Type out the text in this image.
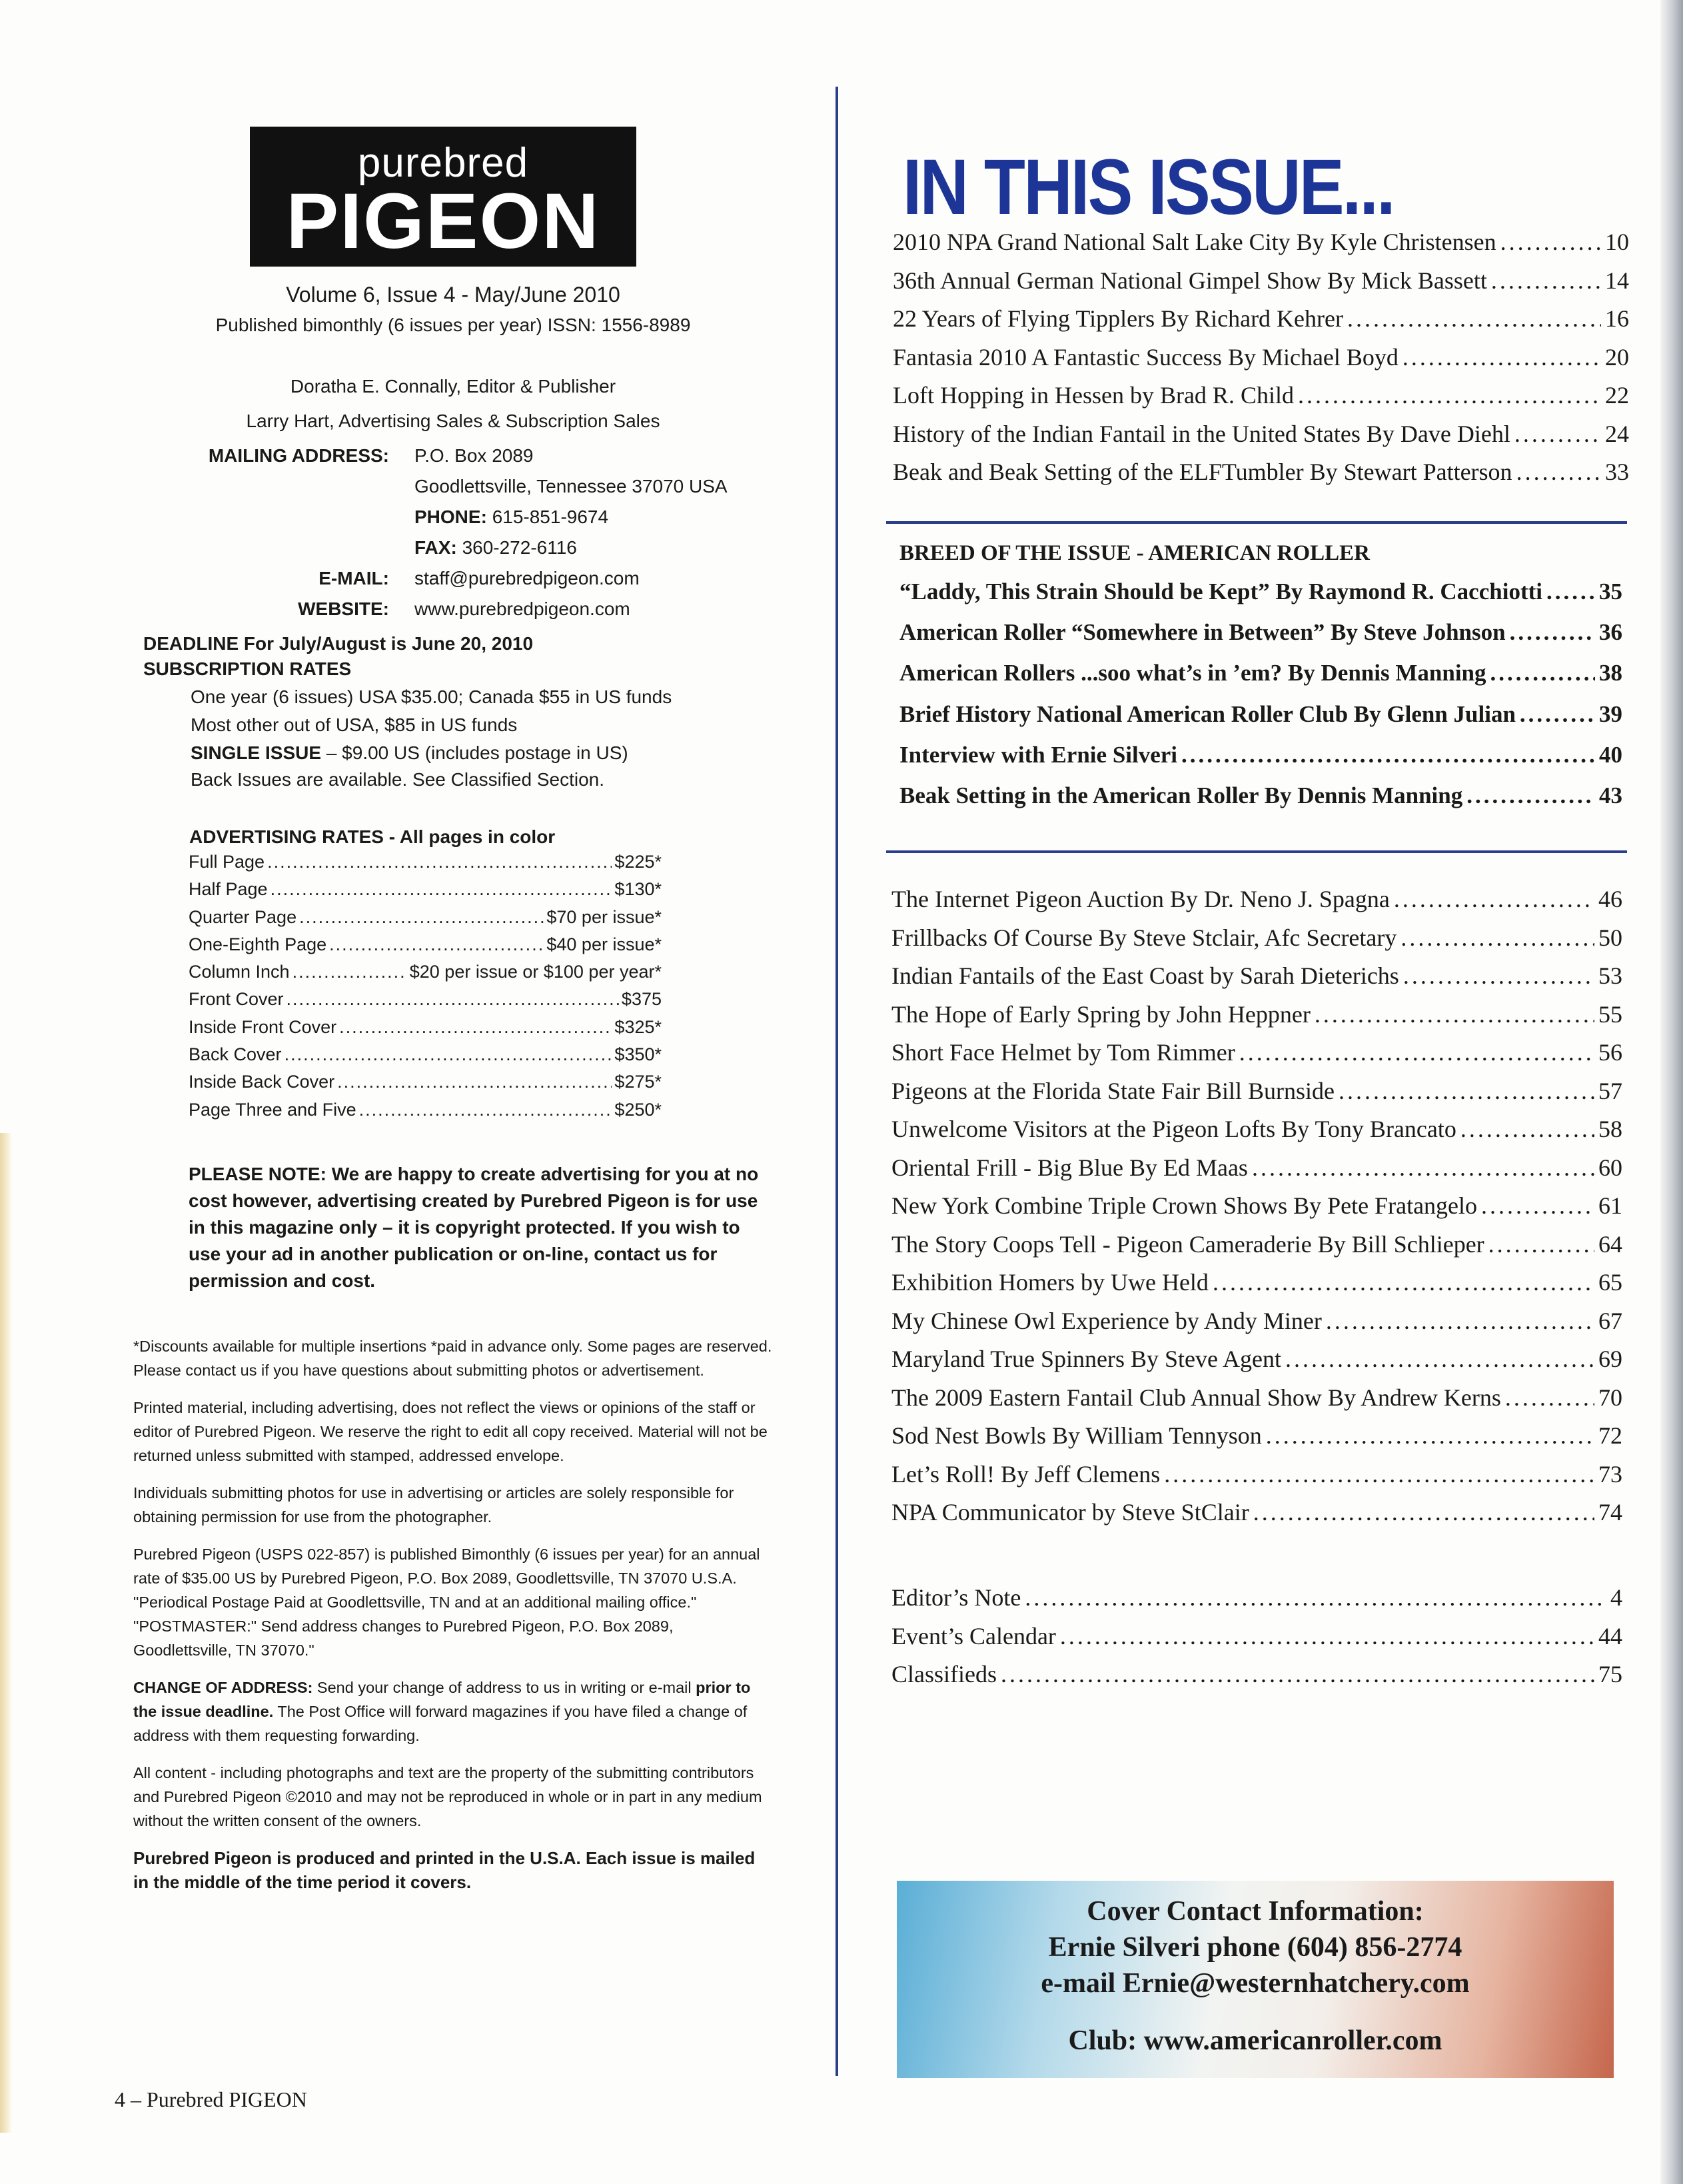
purebred
PIGEON
Volume 6, Issue 4 - May/June 2010
Published bimonthly (6 issues per year) ISSN: 1556-8989
Doratha E. Connally, Editor & Publisher
Larry Hart, Advertising Sales & Subscription Sales
MAILING ADDRESS: P.O. Box 2089
Goodlettsville, Tennessee 37070 USA
PHONE: 615-851-9674
FAX: 360-272-6116
E-MAIL: staff@purebredpigeon.com
WEBSITE: www.purebredpigeon.com
DEADLINE For July/August is June 20, 2010
SUBSCRIPTION RATES
One year (6 issues) USA $35.00; Canada $55 in US funds
Most other out of USA, $85 in US funds
SINGLE ISSUE – $9.00 US (includes postage in US)
Back Issues are available. See Classified Section.
ADVERTISING RATES - All pages in color
Full Page .....	$225*
Half Page .....	$130*
Quarter Page .....	$70 per issue*
One-Eighth Page .....	$40 per issue*
Column Inch .....	$20 per issue or $100 per year*
Front Cover .....	$375
Inside Front Cover .....	$325*
Back Cover .....	$350*
Inside Back Cover .....	$275*
Page Three and Five .....	$250*
PLEASE NOTE: We are happy to create advertising for you at no cost however, advertising created by Purebred Pigeon is for use in this magazine only – it is copyright protected. If you wish to use your ad in another publication or on-line, contact us for permission and cost.

*Discounts available for multiple insertions *paid in advance only. Some pages are reserved. Please contact us if you have questions about submitting photos or advertisement.

Printed material, including advertising, does not reflect the views or opinions of the staff or editor of Purebred Pigeon. We reserve the right to edit all copy received. Material will not be returned unless submitted with stamped, addressed envelope.

Individuals submitting photos for use in advertising or articles are solely responsible for obtaining permission for use from the photographer.

Purebred Pigeon (USPS 022-857) is published Bimonthly (6 issues per year) for an annual rate of $35.00 US by Purebred Pigeon, P.O. Box 2089, Goodlettsville, TN 37070 U.S.A. "Periodical Postage Paid at Goodlettsville, TN and at an additional mailing office." "POSTMASTER:" Send address changes to Purebred Pigeon, P.O. Box 2089, Goodlettsville, TN 37070."

CHANGE OF ADDRESS: Send your change of address to us in writing or e-mail prior to the issue deadline. The Post Office will forward magazines if you have filed a change of address with them requesting forwarding.

All content - including photographs and text are the property of the submitting contributors and Purebred Pigeon ©2010 and may not be reproduced in whole or in part in any medium without the written consent of the owners.

Purebred Pigeon is produced and printed in the U.S.A. Each issue is mailed in the middle of the time period it covers.

IN THIS ISSUE...
2010 NPA Grand National Salt Lake City By Kyle Christensen .....	10
36th Annual German National Gimpel Show By Mick Bassett .....	14
22 Years of Flying Tipplers By Richard Kehrer .....	16
Fantasia 2010 A Fantastic Success By Michael Boyd .....	20
Loft Hopping in Hessen by Brad R. Child .....	22
History of the Indian Fantail in the United States By Dave Diehl .....	24
Beak and Beak Setting of the ELFTumbler By Stewart Patterson .....	33
BREED OF THE ISSUE - AMERICAN ROLLER
“Laddy, This Strain Should be Kept” By Raymond R. Cacchiotti ..... 35
American Roller “Somewhere in Between” By Steve Johnson .....	36
American Rollers ...soo what’s in ’em? By Dennis Manning .....	38
Brief History National American Roller Club By Glenn Julian .....	39
Interview with Ernie Silveri .....	40
Beak Setting in the American Roller By Dennis Manning .....	43
The Internet Pigeon Auction By Dr. Neno J. Spagna .....	46
Frillbacks Of Course By Steve Stclair, Afc Secretary .....	50
Indian Fantails of the East Coast by Sarah Dieterichs .....	53
The Hope of Early Spring by John Heppner .....	55
Short Face Helmet by Tom Rimmer .....	56
Pigeons at the Florida State Fair Bill Burnside .....	57
Unwelcome Visitors at the Pigeon Lofts By Tony Brancato .....	58
Oriental Frill - Big Blue By Ed Maas .....	60
New York Combine Triple Crown Shows By Pete Fratangelo .....	61
The Story Coops Tell - Pigeon Cameraderie By Bill Schlieper .....	64
Exhibition Homers by Uwe Held .....	65
My Chinese Owl Experience by Andy Miner .....	67
Maryland True Spinners By Steve Agent .....	69
The 2009 Eastern Fantail Club Annual Show By Andrew Kerns .....	70
Sod Nest Bowls By William Tennyson .....	72
Let’s Roll! By Jeff Clemens .....	73
NPA Communicator by Steve StClair .....	74
Editor’s Note .....	4
Event’s Calendar .....	44
Classifieds .....	75
Cover Contact Information:
Ernie Silveri phone (604) 856-2774
e-mail Ernie@westernhatchery.com
Club: www.americanroller.com
4 – Purebred PIGEON
